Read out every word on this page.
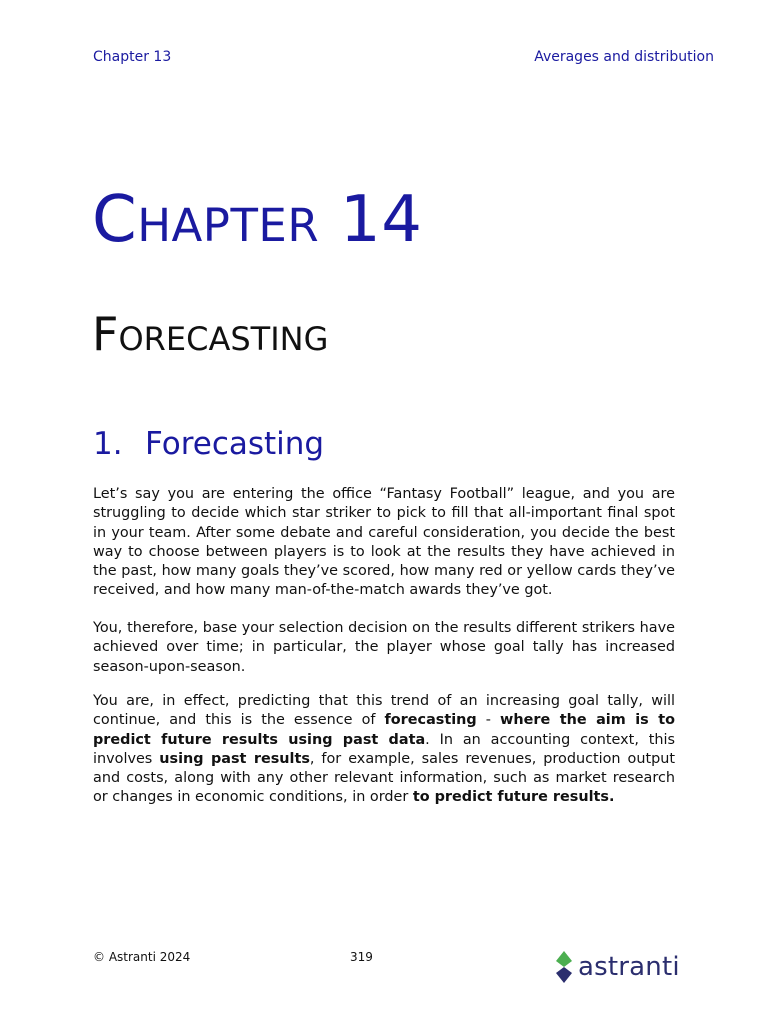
Chapter 13	Averages and distribution
Chapter 14
Forecasting
1. Forecasting

Let’s say you are entering the office “Fantasy Football” league, and you are struggling to decide which star striker to pick to fill that all-important final spot in your team. After some debate and careful consideration, you decide the best way to choose between players is to look at the results they have achieved in the past, how many goals they’ve scored, how many red or yellow cards they’ve received, and how many man-of-the-match awards they’ve got.

You, therefore, base your selection decision on the results different strikers have achieved over time; in particular, the player whose goal tally has increased season-upon-season.

You are, in effect, predicting that this trend of an increasing goal tally, will continue, and this is the essence of forecasting - where the aim is to predict future results using past data. In an accounting context, this involves using past results, for example, sales revenues, production output and costs, along with any other relevant information, such as market research or changes in economic conditions, in order to predict future results.

© Astranti 2024	319	astranti
